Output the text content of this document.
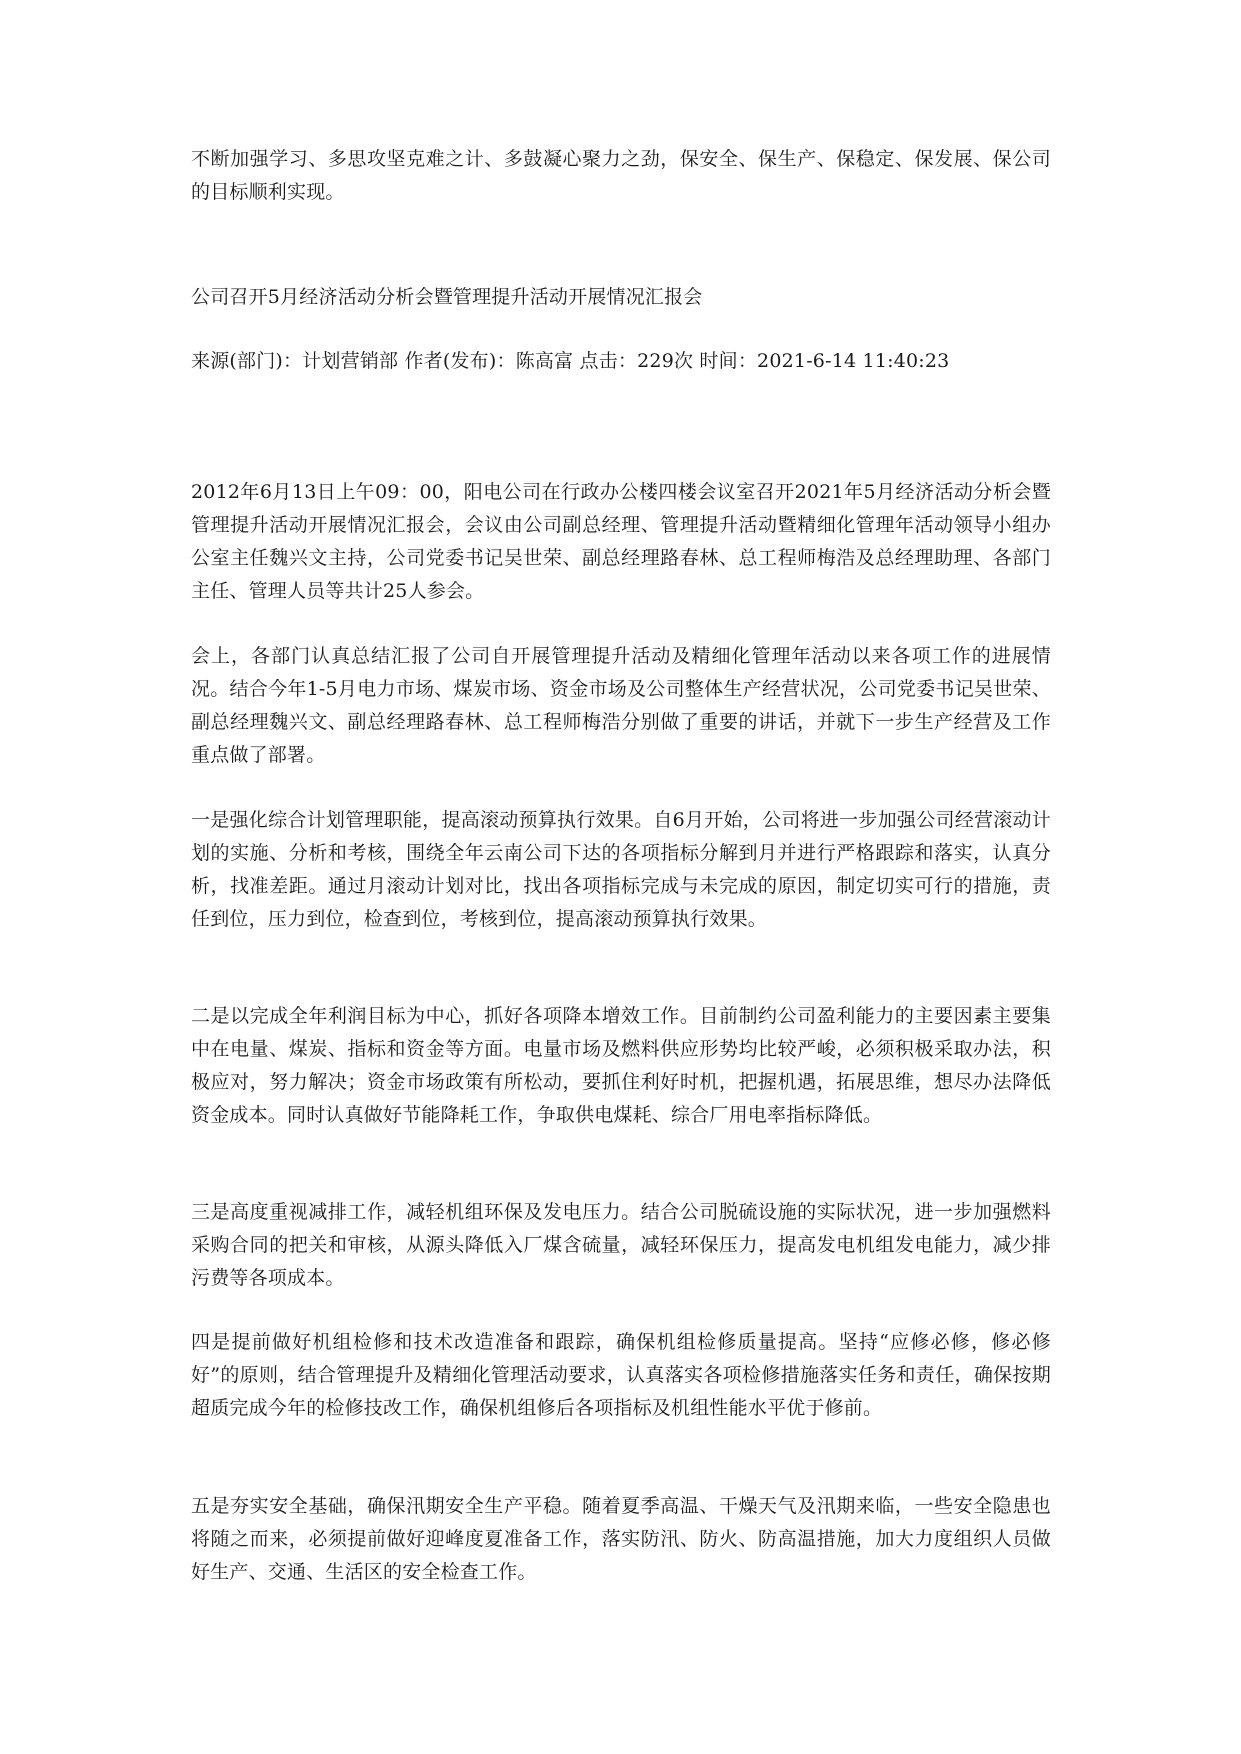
不断加强学习、多思攻坚克难之计、多鼓凝心聚力之劲，保安全、保生产、保稳定、保发展、保公司的目标顺利实现。
公司召开5月经济活动分析会暨管理提升活动开展情况汇报会
来源(部门)：计划营销部 作者(发布)：陈高富 点击：229次 时间：2021-6-14 11:40:23
2012年6月13日上午09：00，阳电公司在行政办公楼四楼会议室召开2021年5月经济活动分析会暨管理提升活动开展情况汇报会，会议由公司副总经理、管理提升活动暨精细化管理年活动领导小组办公室主任魏兴文主持，公司党委书记吴世荣、副总经理路春林、总工程师梅浩及总经理助理、各部门主任、管理人员等共计25人参会。
会上，各部门认真总结汇报了公司自开展管理提升活动及精细化管理年活动以来各项工作的进展情况。结合今年1-5月电力市场、煤炭市场、资金市场及公司整体生产经营状况，公司党委书记吴世荣、副总经理魏兴文、副总经理路春林、总工程师梅浩分别做了重要的讲话，并就下一步生产经营及工作重点做了部署。
一是强化综合计划管理职能，提高滚动预算执行效果。自6月开始，公司将进一步加强公司经营滚动计划的实施、分析和考核，围绕全年云南公司下达的各项指标分解到月并进行严格跟踪和落实，认真分析，找准差距。通过月滚动计划对比，找出各项指标完成与未完成的原因，制定切实可行的措施，责任到位，压力到位，检查到位，考核到位，提高滚动预算执行效果。
二是以完成全年利润目标为中心，抓好各项降本增效工作。目前制约公司盈利能力的主要因素主要集中在电量、煤炭、指标和资金等方面。电量市场及燃料供应形势均比较严峻，必须积极采取办法，积极应对，努力解决；资金市场政策有所松动，要抓住利好时机，把握机遇，拓展思维，想尽办法降低资金成本。同时认真做好节能降耗工作，争取供电煤耗、综合厂用电率指标降低。
三是高度重视减排工作，减轻机组环保及发电压力。结合公司脱硫设施的实际状况，进一步加强燃料采购合同的把关和审核，从源头降低入厂煤含硫量，减轻环保压力，提高发电机组发电能力，减少排污费等各项成本。
四是提前做好机组检修和技术改造准备和跟踪，确保机组检修质量提高。坚持“应修必修，修必修好”的原则，结合管理提升及精细化管理活动要求，认真落实各项检修措施落实任务和责任，确保按期超质完成今年的检修技改工作，确保机组修后各项指标及机组性能水平优于修前。
五是夯实安全基础，确保汛期安全生产平稳。随着夏季高温、干燥天气及汛期来临，一些安全隐患也将随之而来，必须提前做好迎峰度夏准备工作，落实防汛、防火、防高温措施，加大力度组织人员做好生产、交通、生活区的安全检查工作。
